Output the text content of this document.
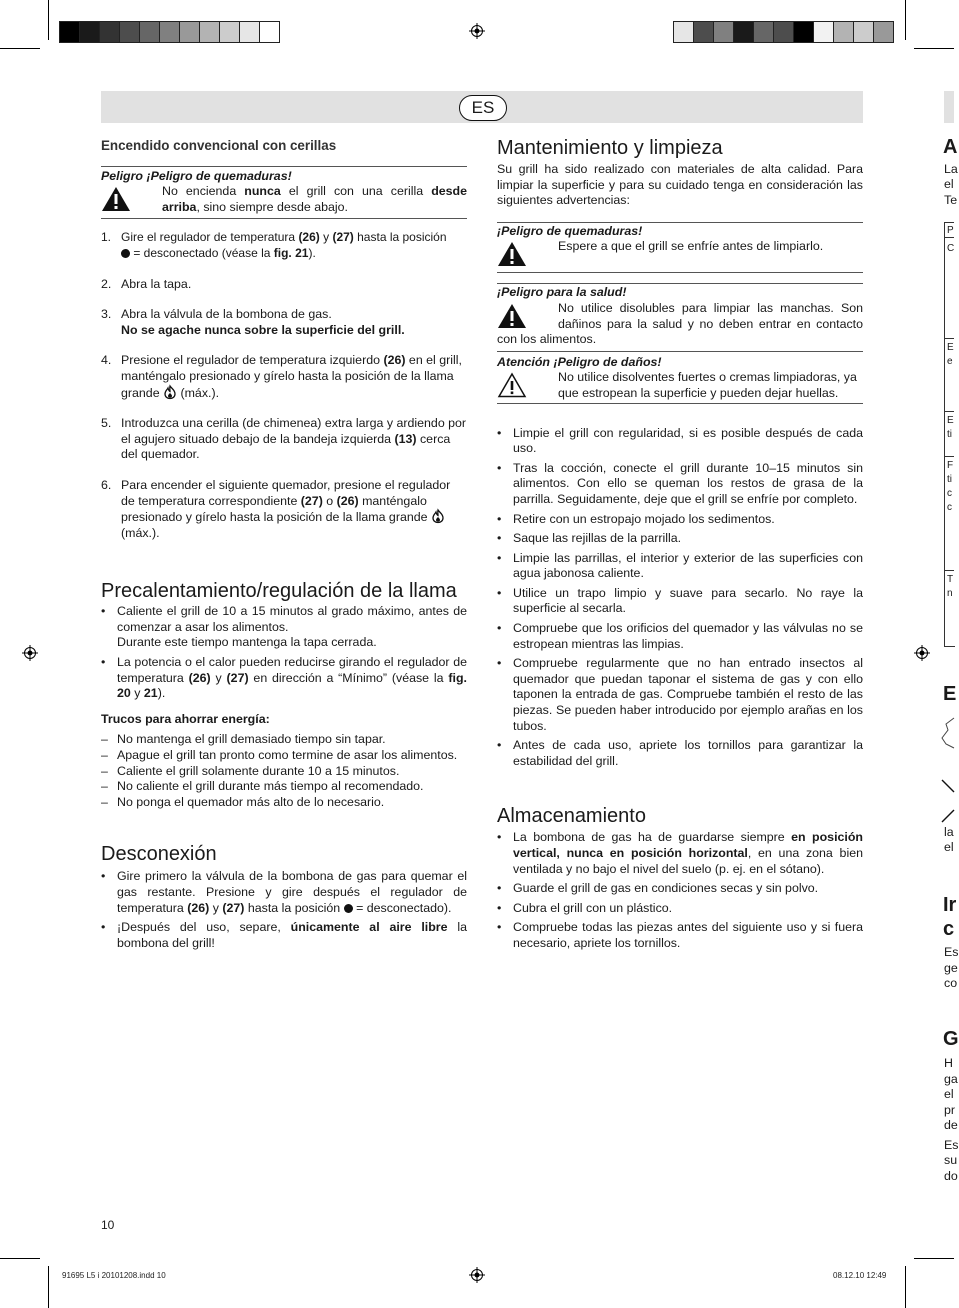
ES
Encendido convencional con cerillas
Peligro ¡Peligro de quemaduras!
No encienda nunca el grill con una cerilla desde arriba, sino siempre desde abajo.
1. Gire el regulador de temperatura (26) y (27) hasta la posición
= desconectado (véase la fig. 21).
2. Abra la tapa.
3. Abra la válvula de la bombona de gas.
No se agache nunca sobre la superficie del grill.
4. Presione el regulador de temperatura izquierdo (26) en el grill, manténgalo presionado y gírelo hasta la posición de la llama grande  (máx.).
5. Introduzca una cerilla (de chimenea) extra larga y ardiendo por el agujero situado debajo de la bandeja izquierda (13) cerca del quemador.
6. Para encender el siguiente quemador, presione el regulador de temperatura correspondiente (27) o (26) manténgalo presionado y gírelo hasta la posición de la llama grande  (máx.).
Precalentamiento/regulación de la llama
• Caliente el grill de 10 a 15 minutos al grado máximo, antes de comenzar a asar los alimentos.
Durante este tiempo mantenga la tapa cerrada.
• La potencia o el calor pueden reducirse girando el regulador de temperatura (26) y (27) en dirección a “Mínimo” (véase la fig. 20 y 21).
Trucos para ahorrar energía:
– No mantenga el grill demasiado tiempo sin tapar.
– Apague el grill tan pronto como termine de asar los alimentos.
– Caliente el grill solamente durante 10 a 15 minutos.
– No caliente el grill durante más tiempo al recomendado.
– No ponga el quemador más alto de lo necesario.
Desconexión
• Gire primero la válvula de la bombona de gas para quemar el gas restante. Presione y gire después el regulador de temperatura (26) y (27) hasta la posición  = desconectado).
• ¡Después del uso, separe, únicamente al aire libre la bombona del grill!
Mantenimiento y limpieza
Su grill ha sido realizado con materiales de alta calidad. Para limpiar la superficie y para su cuidado tenga en consideración las siguientes advertencias:
¡Peligro de quemaduras!
Espere a que el grill se enfríe antes de limpiarlo.
¡Peligro para la salud!
No utilice disolubles para limpiar las manchas. Son dañinos para la salud y no deben entrar en contacto con los alimentos.
Atención ¡Peligro de daños!
No utilice disolventes fuertes o cremas limpiadoras, ya que estropean la superficie y pueden dejar huellas.
• Limpie el grill con regularidad, si es posible después de cada uso.
• Tras la cocción, conecte el grill durante 10–15 minutos sin alimentos. Con ello se queman los restos de grasa de la parrilla. Seguidamente, deje que el grill se enfríe por completo.
• Retire con un estropajo mojado los sedimentos.
• Saque las rejillas de la parrilla.
• Limpie las parrillas, el interior y exterior de las superficies con agua jabonosa caliente.
• Utilice un trapo limpio y suave para secarlo. No raye la superficie al secarla.
• Compruebe que los orificios del quemador y las válvulas no se estropean mientras las limpias.
• Compruebe regularmente que no han entrado insectos al quemador que puedan taponar el sistema de gas y con ello taponen la entrada de gas. Compruebe también el resto de las piezas. Se pueden haber introducido por ejemplo arañas en los tubos.
• Antes de cada uso, apriete los tornillos para garantizar la estabilidad del grill.
Almacenamiento
• La bombona de gas ha de guardarse siempre en posición vertical, nunca en posición horizontal, en una zona bien ventilada y no bajo el nivel del suelo (p. ej. en el sótano).
• Guarde el grill de gas en condiciones secas y sin polvo.
• Cubra el grill con un plástico.
• Compruebe todas las piezas antes del siguiente uso y si fuera necesario, apriete los tornillos.
A
La
el
Te
P
C
E
e
E
ti
F
ti
c
c
T
n
E
la
el
Ir
c
Es
ge
co
G
H
ga
el
pr
de
Es
su
do
10
91695 L5 i 20101208.indd 10	08.12.10 12:49
